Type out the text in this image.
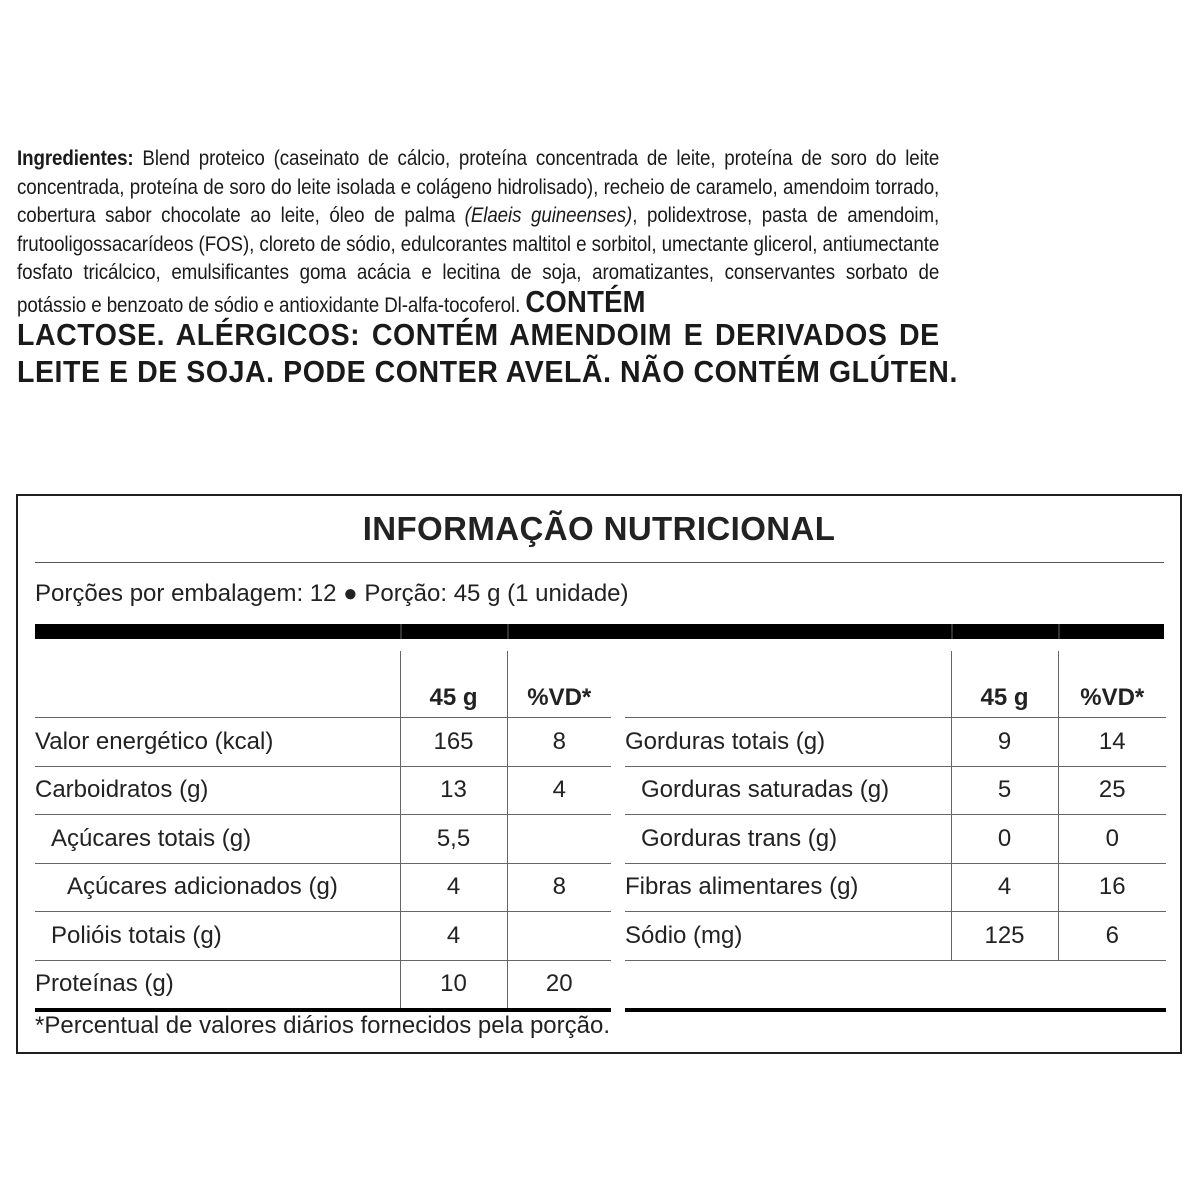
Ingredientes: Blend proteico (caseinato de cálcio, proteína concentrada de leite, proteína de soro do leite concentrada, proteína de soro do leite isolada e colágeno hidrolisado), recheio de caramelo, amendoim torrado, cobertura sabor chocolate ao leite, óleo de palma (Elaeis guineenses), polidextrose, pasta de amendoim, frutooligossacarídeos (FOS), cloreto de sódio, edulcorantes maltitol e sorbitol, umectante glicerol, antiumectante fosfato tricálcico, emulsificantes goma acácia e lecitina de soja, aromatizantes, conservantes sorbato de potássio e benzoato de sódio e antioxidante Dl-alfa-tocoferol. CONTÉM
LACTOSE. ALÉRGICOS: CONTÉM AMENDOIM E DERIVADOS DE
LEITE E DE SOJA. PODE CONTER AVELÃ. NÃO CONTÉM GLÚTEN.
INFORMAÇÃO NUTRICIONAL
Porções por embalagem: 12 ● Porção: 45 g (1 unidade)
	45 g	%VD*
Valor energético (kcal)	165	8
Carboidratos (g)	13	4
Açúcares totais (g)	5,5	
Açúcares adicionados (g)	4	8
Polióis totais (g)	4	
Proteínas (g)	10	20
	45 g	%VD*
Gorduras totais (g)	9	14
Gorduras saturadas (g)	5	25
Gorduras trans (g)	0	0
Fibras alimentares (g)	4	16
Sódio (mg)	125	6

*Percentual de valores diários fornecidos pela porção.
